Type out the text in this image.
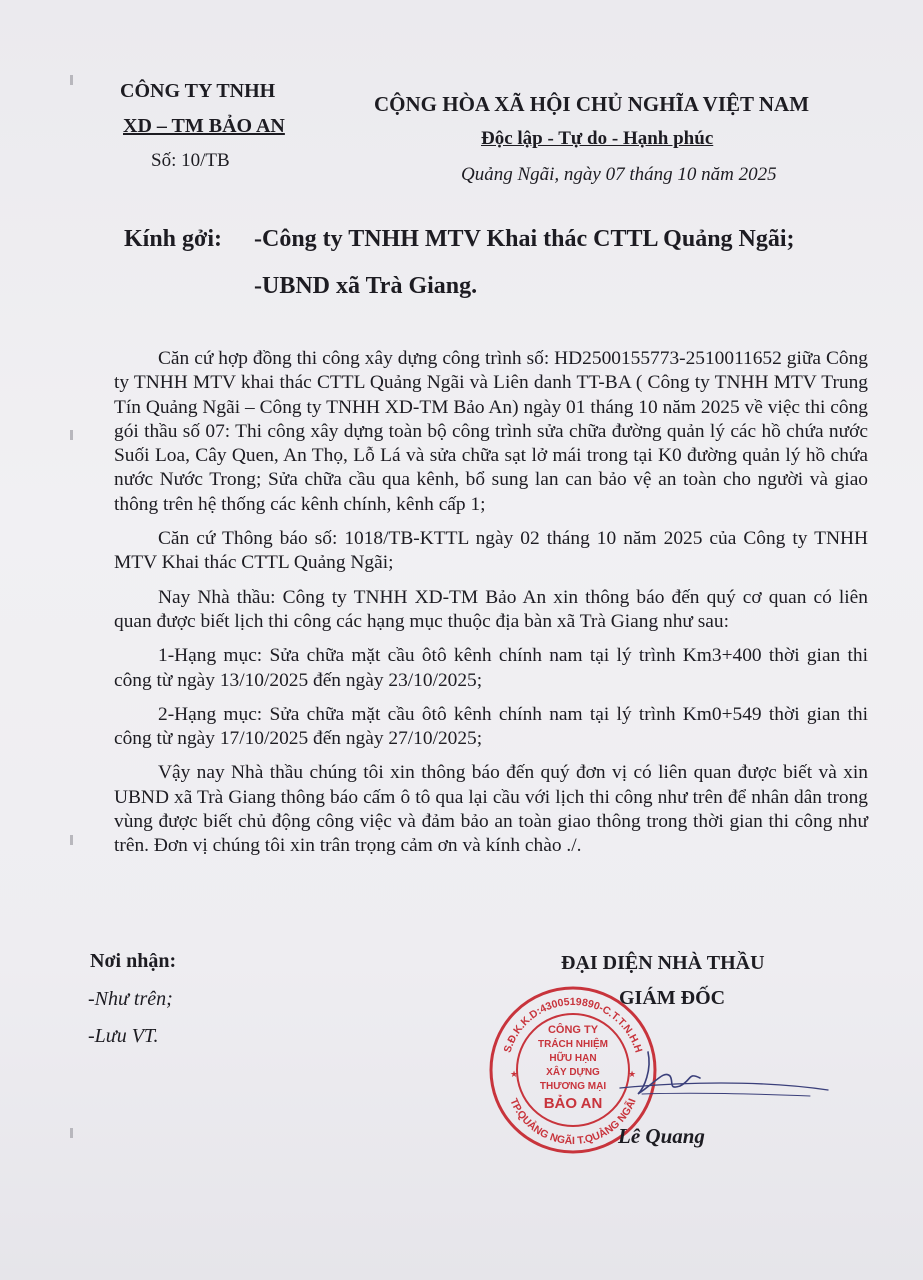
CÔNG TY TNHH
XD – TM BẢO AN
Số: 10/TB
CỘNG HÒA XÃ HỘI CHỦ NGHĨA VIỆT NAM
Độc lập - Tự do - Hạnh phúc
Quảng Ngãi, ngày 07 tháng 10 năm 2025
Kính gởi: -Công ty TNHH MTV Khai thác CTTL Quảng Ngãi;
-UBND xã Trà Giang.

Căn cứ hợp đồng thi công xây dựng công trình số: HD2500155773-2510011652 giữa Công ty TNHH MTV khai thác CTTL Quảng Ngãi và Liên danh TT-BA ( Công ty TNHH MTV Trung Tín Quảng Ngãi – Công ty TNHH XD-TM Bảo An) ngày 01 tháng 10 năm 2025 về việc thi công gói thầu số 07: Thi công xây dựng toàn bộ công trình sửa chữa đường quản lý các hồ chứa nước Suối Loa, Cây Quen, An Thọ, Lỗ Lá và sửa chữa sạt lở mái trong tại K0 đường quản lý hồ chứa nước Nước Trong; Sửa chữa cầu qua kênh, bổ sung lan can bảo vệ an toàn cho người và giao thông trên hệ thống các kênh chính, kênh cấp 1;

Căn cứ Thông báo số: 1018/TB-KTTL ngày 02 tháng 10 năm 2025 của Công ty TNHH MTV Khai thác CTTL Quảng Ngãi;

Nay Nhà thầu: Công ty TNHH XD-TM Bảo An xin thông báo đến quý cơ quan có liên quan được biết lịch thi công các hạng mục thuộc địa bàn xã Trà Giang như sau:

1-Hạng mục: Sửa chữa mặt cầu ôtô kênh chính nam tại lý trình Km3+400 thời gian thi công từ ngày 13/10/2025 đến ngày 23/10/2025;

2-Hạng mục: Sửa chữa mặt cầu ôtô kênh chính nam tại lý trình Km0+549 thời gian thi công từ ngày 17/10/2025 đến ngày 27/10/2025;

Vậy nay Nhà thầu chúng tôi xin thông báo đến quý đơn vị có liên quan được biết và xin UBND xã Trà Giang thông báo cấm ô tô qua lại cầu với lịch thi công như trên để nhân dân trong vùng được biết chủ động công việc và đảm bảo an toàn giao thông trong thời gian thi công như trên. Đơn vị chúng tôi xin trân trọng cảm ơn và kính chào ./.

Nơi nhận:
-Như trên;
-Lưu VT.
ĐẠI DIỆN NHÀ THẦU
GIÁM ĐỐC
S.Đ.K.K.D:4300519890-C.T.T.N.H.H
TP.QUẢNG NGÃI T.QUẢNG NGÃI
CÔNG TY
TRÁCH NHIỆM
HỮU HẠN
XÂY DỰNG
THƯƠNG MẠI
BẢO AN
★	★
Lê Quang
